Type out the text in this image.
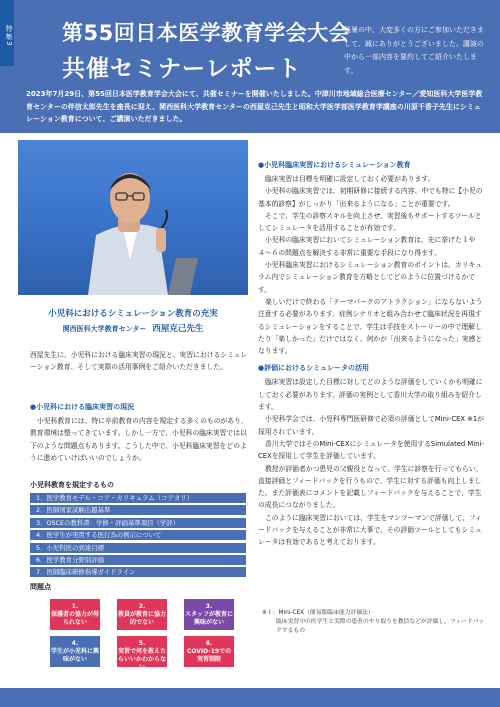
第55回日本医学教育学会大会
共催セミナーレポート
猛暑の中、大変多くの方にご参加いただきまして、誠にありがとうございました。講演の中から一部内容を要約してご紹介いたします。
2023年7月29日、第55回日本医学教育学会大会にて、共催セミナーを開催いたしました。中津川市地域総合医療センター／愛知医科大学医学教育センターの伴信太郎先生を座長に迎え、関西医科大学教育センターの西屋克己先生と昭和大学医学部医学教育学講座の川原千香子先生にシミュレーション教育について、ご講演いただきました。
特集3
小児科におけるシミュレーション教育の充実
関西医科大学教育センター 西屋克己先生
西屋先生に、小児科における臨床実習の現況と、実習におけるシミュレーション教育、そして実際の活用事例をご紹介いただきました。
●小児科における臨床実習の現況
小児科教育には、特に卒前教育の内容を規定する多くのものがあり、教育環境は整ってきています。しかし一方で、小児科の臨床実習では以下のような問題点もあります。こうした中で、小児科臨床実習をどのように進めていけばいいのでしょうか。
小児科教育を規定するもの
1．医学教育モデル・コア・カリキュラム（コアカリ）
2．医師国家試験出題基準
3．OSCEの教科書：学修・評価基準項目（学評）
4．医学生が実習する医行為の例示について
5．小児科医の到達目標
6．医学教育分野別評価
7．医師臨床研修指導ガイドライン
問題点
1.
保護者の協力が得られない
2.
教員が教育に協力的でない
3.
スタッフが教育に興味がない
4.
学生が小児科に興味がない
5.
実習で何を教えたらいいかわからない
6.
COVID-19での実習制限
●小児科臨床実習におけるシミュレーション教育
臨床実習は目標を明確に設定しておく必要があります。
小児科の臨床実習では、初期研修に接続する内容、中でも特に【小児の基本的診察】がしっかり「出来るようになる」ことが重要です。
そこで、学生の診察スキルを向上させ、実習後もサポートするツールとしてシミュレータを活用することが有効です。
小児科の臨床実習においてシミュレーション教育は、先に挙げた１や４〜６の問題点を解決する非常に重要な手段になり得ます。
小児科臨床実習におけるシミュレーション教育のポイントは、カリキュラム内でシミュレーション教育を方略としてどのように位置づけるかです。
楽しいだけで終わる「テーマパークのアトラクション」にならないよう注意する必要があります。症例シナリオと組み合わせて臨床状況を再現するシミュレーションをすることで、学生は手技をストーリーの中で理解したり「楽しかった」だけではなく、何かが「出来るようになった」実感となります。
●評価におけるシミュレータの活用
臨床実習は設定した目標に対してどのような評価をしていくかも明確にしておく必要があります。評価の実例として香川大学の取り組みを紹介します。
小児科学会では、小児科専門医研修で必須の評価としてMini-CEX ※1が採用されています。
香川大学ではそのMini-CEXにシミュレータを使用するSimulated Mini-CEXを採用して学生を評価しています。
教授が評価者かつ患児の父親役となって、学生に診察を行ってもらい、直接評価とフィードバックを行うもので、学生に対する評価も向上しました。また評価表にコメントを記載しフィードバックを与えることで、学生の成長につながりました。
このように臨床実習においては、学生をマンツーマンで評価して、フィードバックを与えることが非常に大事で、その評価ツールとしてもシミュレータは有効であると考えております。
※１：Mini-CEX（簡易版臨床能力評価法）
臨床実習中の医学生と実際の患者のやり取りを教員などが評価し、フィードバックするもの
